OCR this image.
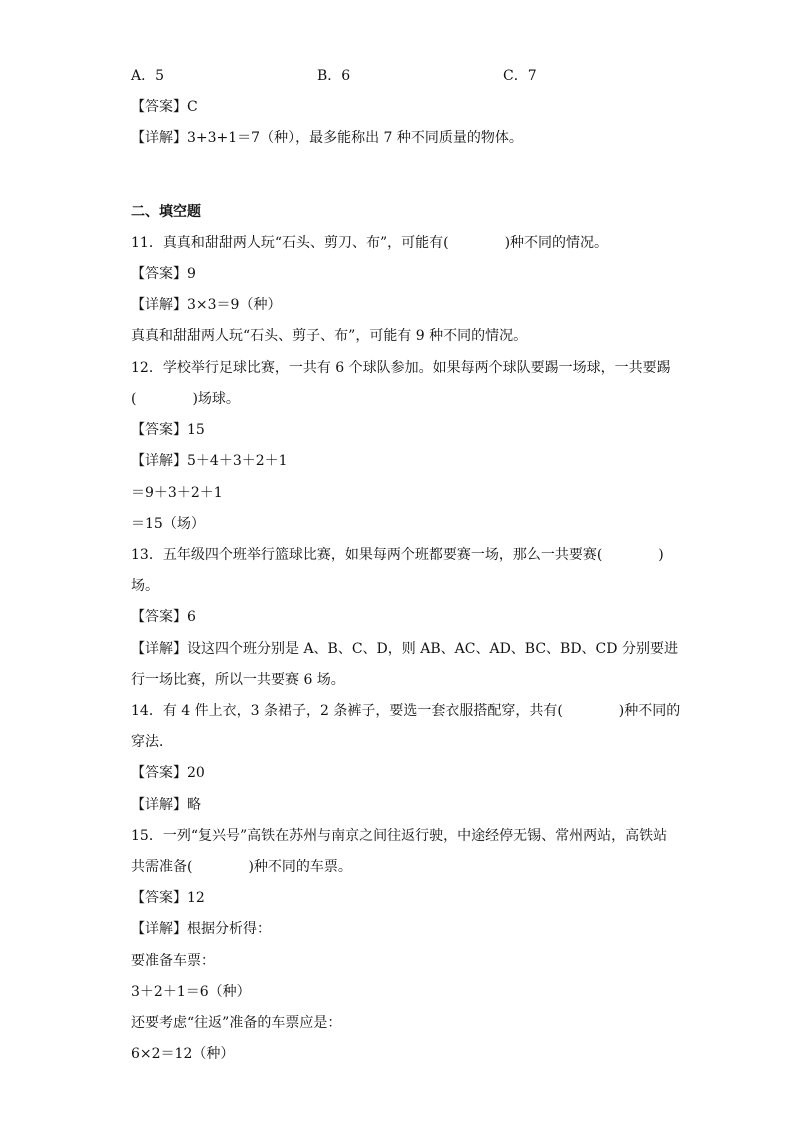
A．5	B．6	C．7
【答案】C
【详解】3+3+1＝7（种），最多能称出 7 种不同质量的物体。
二、填空题
11．真真和甜甜两人玩“石头、剪刀、布”，可能有(　　　　)种不同的情况。
【答案】9
【详解】3×3＝9（种）
真真和甜甜两人玩“石头、剪子、布”，可能有 9 种不同的情况。
12．学校举行足球比赛，一共有 6 个球队参加。如果每两个球队要踢一场球，一共要踢
(　　　　)场球。
【答案】15
【详解】5＋4＋3＋2＋1
＝9＋3＋2＋1
＝15（场）
13．五年级四个班举行篮球比赛，如果每两个班都要赛一场，那么一共要赛(　　　　)
场。
【答案】6
【详解】设这四个班分别是 A、B、C、D，则 AB、AC、AD、BC、BD、CD 分别要进
行一场比赛，所以一共要赛 6 场。
14．有 4 件上衣，3 条裙子，2 条裤子，要选一套衣服搭配穿，共有(　　　　)种不同的
穿法．
【答案】20
【详解】略
15．一列“复兴号”高铁在苏州与南京之间往返行驶，中途经停无锡、常州两站，高铁站
共需准备(　　　　)种不同的车票。
【答案】12
【详解】根据分析得：
要准备车票：
3＋2＋1＝6（种）
还要考虑“往返”准备的车票应是：
6×2＝12（种）
